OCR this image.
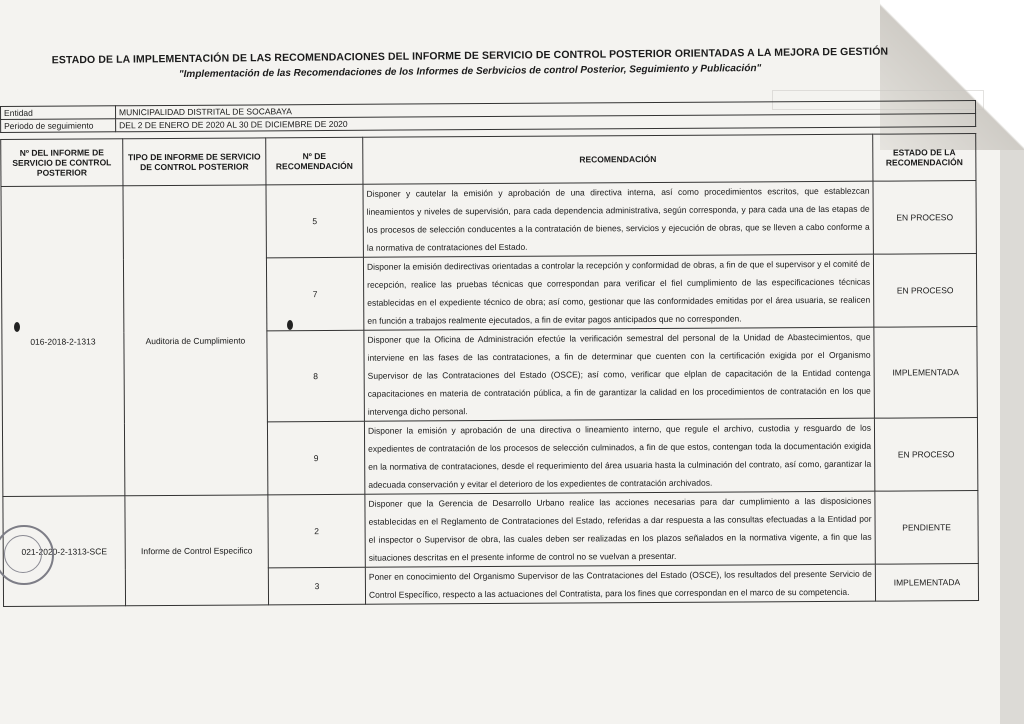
ESTADO DE LA IMPLEMENTACIÓN DE LAS RECOMENDACIONES DEL INFORME DE SERVICIO DE CONTROL POSTERIOR ORIENTADAS A LA MEJORA DE GESTIÓN
"Implementación de las Recomendaciones de los Informes de Serbvicios de control Posterior, Seguimiento y Publicación"
Entidad	MUNICIPALIDAD DISTRITAL DE SOCABAYA
Periodo de seguimiento	DEL 2 DE ENERO DE 2020 AL 30 DE DICIEMBRE DE 2020
Nº DEL INFORME DE SERVICIO DE CONTROL POSTERIOR	TIPO DE INFORME DE SERVICIO DE CONTROL POSTERIOR	Nº DE RECOMENDACIÓN	RECOMENDACIÓN	ESTADO DE LA RECOMENDACIÓN
016-2018-2-1313	Auditoria de Cumplimiento	5	Disponer y cautelar la emisión y aprobación de una directiva interna, así como procedimientos escritos, que establezcan lineamientos y niveles de supervisión, para cada dependencia administrativa, según corresponda, y para cada una de las etapas de los procesos de selección conducentes a la contratación de bienes, servicios y ejecución de obras, que se lleven a cabo conforme a la normativa de contrataciones del Estado.	EN PROCESO
		7	Disponer la emisión dedirectivas orientadas a controlar la recepción y conformidad de obras, a fin de que el supervisor y el comité de recepción, realice las pruebas técnicas que correspondan para verificar el fiel cumplimiento de las especificaciones técnicas establecidas en el expediente técnico de obra; así como, gestionar que las conformidades emitidas por el área usuaria, se realicen en función a trabajos realmente ejecutados, a fin de evitar pagos anticipados que no corresponden.	EN PROCESO
		8	Disponer que la Oficina de Administración efectúe la verificación semestral del personal de la Unidad de Abastecimientos, que interviene en las fases de las contrataciones, a fin de determinar que cuenten con la certificación exigida por el Organismo Supervisor de las Contrataciones del Estado (OSCE); así como, verificar que elplan de capacitación de la Entidad contenga capacitaciones en materia de contratación pública, a fin de garantizar la calidad en los procedimientos de contratación en los que intervenga dicho personal.	IMPLEMENTADA
		9	Disponer la emisión y aprobación de una directiva o lineamiento interno, que regule el archivo, custodia y resguardo de los expedientes de contratación de los procesos de selección culminados, a fin de que estos, contengan toda la documentación exigida en la normativa de contrataciones, desde el requerimiento del área usuaria hasta la culminación del contrato, así como, garantizar la adecuada conservación y evitar el deterioro de los expedientes de contratación archivados.	EN PROCESO
021-2020-2-1313-SCE	Informe de Control Especifico	2	Disponer que la Gerencia de Desarrollo Urbano realice las acciones necesarias para dar cumplimiento a las disposiciones estabIecidas en el Reglamento de Contrataciones del Estado, referidas a dar respuesta a las consultas efectuadas a la Entidad por el inspector o Supervisor de obra, las cuales deben ser realizadas en los plazos señalados en la normativa vigente, a fin que las situaciones descritas en el presente informe de control no se vuelvan a presentar.	PENDIENTE
		3	Poner en conocimiento del Organismo Supervisor de las Contrataciones del Estado (OSCE), los resultados del presente Servicio de Control Específico, respecto a las actuaciones del Contratista, para los fines que correspondan en el marco de su competencia.	IMPLEMENTADA
